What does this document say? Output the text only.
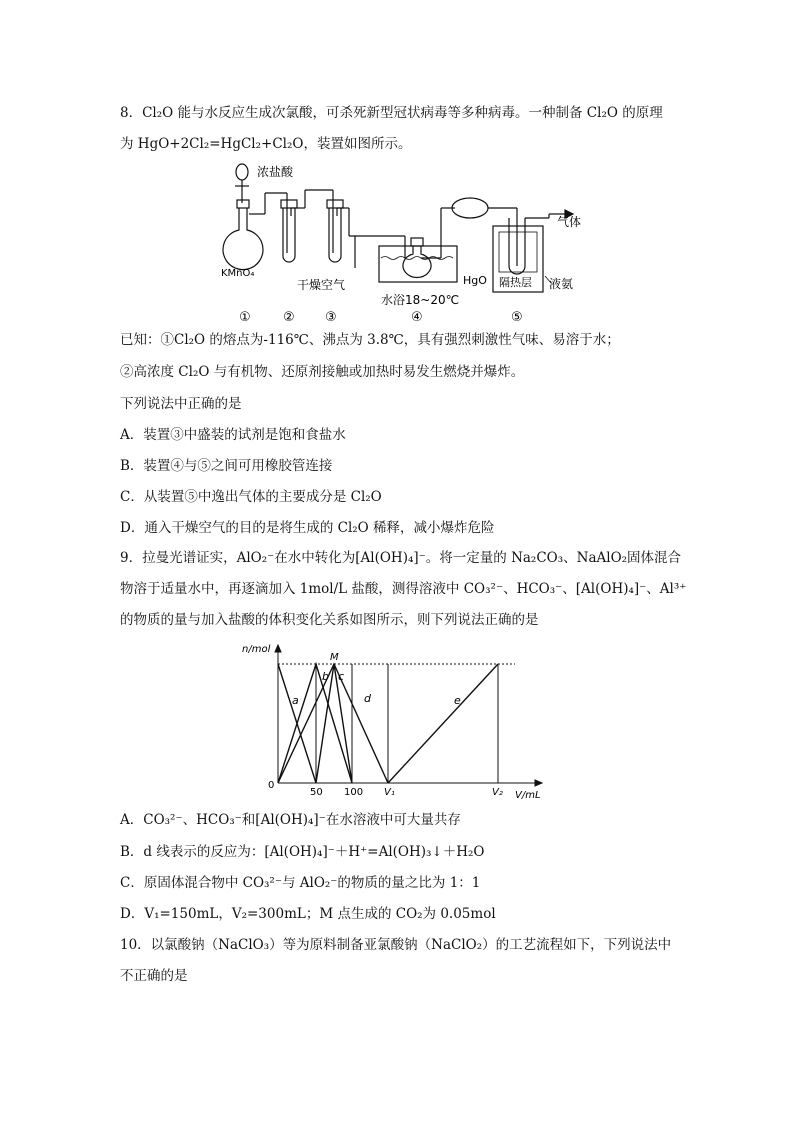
8．Cl₂O 能与水反应生成次氯酸，可杀死新型冠状病毒等多种病毒。一种制备 Cl₂O 的原理
为 HgO+2Cl₂=HgCl₂+Cl₂O，装置如图所示。
浓盐酸
KMnO₄
干燥空气	HgO
水浴18~20℃
气体
隔热层 液氨
① ② ③	④	⑤
已知：①Cl₂O 的熔点为-116℃、沸点为 3.8℃，具有强烈刺激性气味、易溶于水；
②高浓度 Cl₂O 与有机物、还原剂接触或加热时易发生燃烧并爆炸。
下列说法中正确的是
A．装置③中盛装的试剂是饱和食盐水
B．装置④与⑤之间可用橡胶管连接
C．从装置⑤中逸出气体的主要成分是 Cl₂O
D．通入干燥空气的目的是将生成的 Cl₂O 稀释，减小爆炸危险
9．拉曼光谱证实，AlO₂⁻在水中转化为[Al(OH)₄]⁻。将一定量的 Na₂CO₃、NaAlO₂固体混合
物溶于适量水中，再逐滴加入 1mol/L 盐酸，测得溶液中 CO₃²⁻、HCO₃⁻、[Al(OH)₄]⁻、Al³⁺
的物质的量与加入盐酸的体积变化关系如图所示，则下列说法正确的是
n/mol
V/mL
0
50 100 V₁	V₂
M
a
b c
d	e
A．CO₃²⁻、HCO₃⁻和[Al(OH)₄]⁻在水溶液中可大量共存
B．d 线表示的反应为：[Al(OH)₄]⁻＋H⁺=Al(OH)₃↓＋H₂O
C．原固体混合物中 CO₃²⁻与 AlO₂⁻的物质的量之比为 1：1
D．V₁=150mL，V₂=300mL；M 点生成的 CO₂为 0.05mol
10．以氯酸钠（NaClO₃）等为原料制备亚氯酸钠（NaClO₂）的工艺流程如下，下列说法中
不正确的是
